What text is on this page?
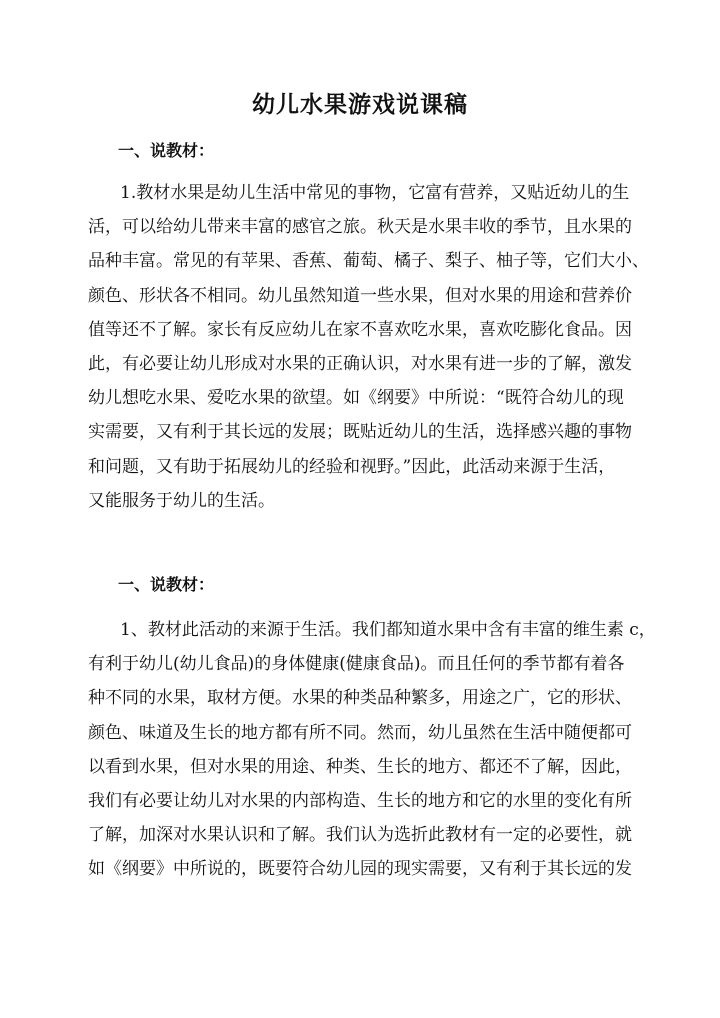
幼儿水果游戏说课稿
一、说教材：
1.教材水果是幼儿生活中常见的事物，它富有营养，又贴近幼儿的生
活，可以给幼儿带来丰富的感官之旅。秋天是水果丰收的季节，且水果的
品种丰富。常见的有苹果、香蕉、葡萄、橘子、梨子、柚子等，它们大小、
颜色、形状各不相同。幼儿虽然知道一些水果，但对水果的用途和营养价
值等还不了解。家长有反应幼儿在家不喜欢吃水果，喜欢吃膨化食品。因
此，有必要让幼儿形成对水果的正确认识，对水果有进一步的了解，激发
幼儿想吃水果、爱吃水果的欲望。如《纲要》中所说：“既符合幼儿的现
实需要，又有利于其长远的发展；既贴近幼儿的生活，选择感兴趣的事物
和问题，又有助于拓展幼儿的经验和视野。”因此，此活动来源于生活，
又能服务于幼儿的生活。
一、说教材：
1、教材此活动的来源于生活。我们都知道水果中含有丰富的维生素 c，
有利于幼儿(幼儿食品)的身体健康(健康食品)。而且任何的季节都有着各
种不同的水果，取材方便。水果的种类品种繁多，用途之广，它的形状、
颜色、味道及生长的地方都有所不同。然而，幼儿虽然在生活中随便都可
以看到水果，但对水果的用途、种类、生长的地方、都还不了解，因此，
我们有必要让幼儿对水果的内部构造、生长的地方和它的水里的变化有所
了解，加深对水果认识和了解。我们认为选折此教材有一定的必要性，就
如《纲要》中所说的，既要符合幼儿园的现实需要，又有利于其长远的发
